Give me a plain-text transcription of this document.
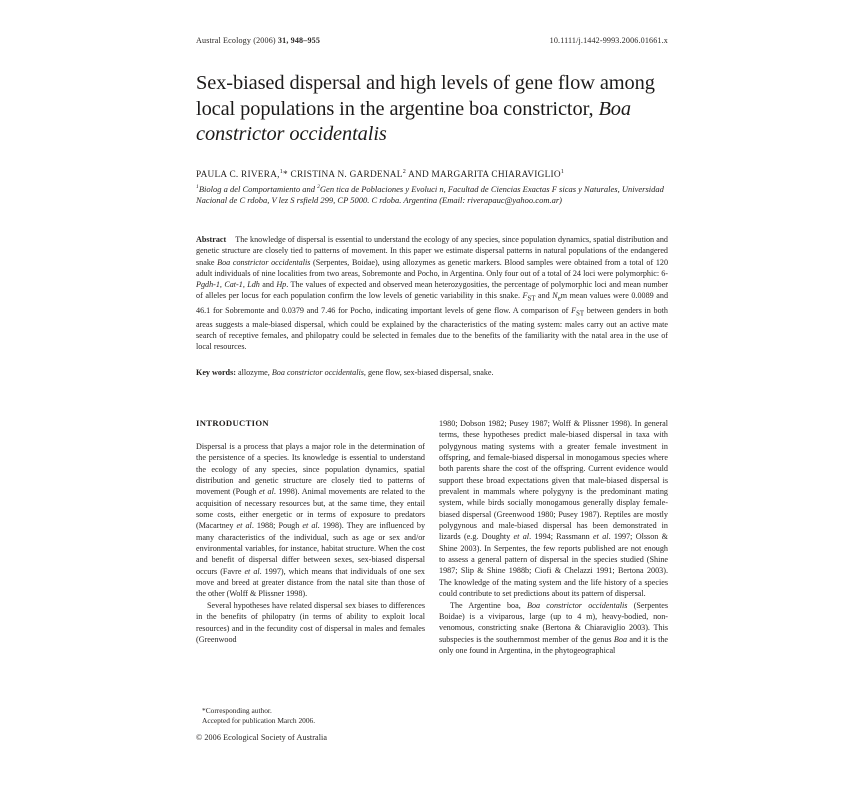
Austral Ecology (2006) 31, 948–955	10.1111/j.1442-9993.2006.01661.x
Sex-biased dispersal and high levels of gene flow among local populations in the argentine boa constrictor, Boa constrictor occidentalis
PAULA C. RIVERA,$^1$* CRISTINA N. GARDENAL$^2$ AND MARGARITA CHIARAVIGLIO$^1$
$^1$Biolog a del Comportamiento and $^2$Gen tica de Poblaciones y Evoluci n, Facultad de Ciencias Exactas F sicas y Naturales, Universidad Nacional de C rdoba, V lez S rsfield 299, CP 5000. C rdoba. Argentina (Email: riverapauc@yahoo.com.ar)
Abstract The knowledge of dispersal is essential to understand the ecology of any species, since population dynamics, spatial distribution and genetic structure are closely tied to patterns of movement. In this paper we estimate dispersal patterns in natural populations of the endangered snake Boa constrictor occidentalis (Serpentes, Boidae), using allozymes as genetic markers. Blood samples were obtained from a total of 120 adult individuals of nine localities from two areas, Sobremonte and Pocho, in Argentina. Only four out of a total of 24 loci were polymorphic: 6-Pgdh-1, Cat-1, Ldh and Hp. The values of expected and observed mean heterozygosities, the percentage of polymorphic loci and mean number of alleles per locus for each population confirm the low levels of genetic variability in this snake. $F_{ST}$ and $N_em$ mean values were 0.0089 and 46.1 for Sobremonte and 0.0379 and 7.46 for Pocho, indicating important levels of gene flow. A comparison of $F_{ST}$ between genders in both areas suggests a male-biased dispersal, which could be explained by the characteristics of the mating system: males carry out an active mate search of receptive females, and philopatry could be selected in females due to the benefits of the familiarity with the natal area in the use of local resources.
Key words: allozyme, Boa constrictor occidentalis, gene flow, sex-biased dispersal, snake.
INTRODUCTION

Dispersal is a process that plays a major role in the determination of the persistence of a species. Its knowledge is essential to understand the ecology of any species, since population dynamics, spatial distribution and genetic structure are closely tied to patterns of movement (Pough et al. 1998). Animal movements are related to the acquisition of necessary resources but, at the same time, they entail some costs, either energetic or in terms of exposure to predators (Macartney et al. 1988; Pough et al. 1998). They are influenced by many characteristics of the individual, such as age or sex and/or environmental variables, for instance, habitat structure. When the cost and benefit of dispersal differ between sexes, sex-biased dispersal occurs (Favre et al. 1997), which means that individuals of one sex move and breed at greater distance from the natal site than those of the other (Wolff & Plissner 1998).

Several hypotheses have related dispersal sex biases to differences in the benefits of philopatry (in terms of ability to exploit local resources) and in the fecundity cost of dispersal in males and females (Greenwood

1980; Dobson 1982; Pusey 1987; Wolff & Plissner 1998). In general terms, these hypotheses predict male-biased dispersal in taxa with polygynous mating systems with a greater female investment in offspring, and female-biased dispersal in monogamous species where both parents share the cost of the offspring. Current evidence would support these broad expectations given that male-biased dispersal is prevalent in mammals where polygyny is the predominant mating system, while birds socially monogamous generally display female-biased dispersal (Greenwood 1980; Pusey 1987). Reptiles are mostly polygynous and male-biased dispersal has been demonstrated in lizards (e.g. Doughty et al. 1994; Rassmann et al. 1997; Olsson & Shine 2003). In Serpentes, the few reports published are not enough to assess a general pattern of dispersal in the species studied (Shine 1987; Slip & Shine 1988b; Ciofi & Chelazzi 1991; Bertona 2003). The knowledge of the mating system and the life history of a species could contribute to set predictions about its pattern of dispersal.

The Argentine boa, Boa constrictor occidentalis (Serpentes Boidae) is a viviparous, large (up to 4 m), heavy-bodied, non-venomous, constricting snake (Bertona & Chiaraviglio 2003). This subspecies is the southernmost member of the genus Boa and it is the only one found in Argentina, in the phytogeographical

*Corresponding author.
Accepted for publication March 2006.
© 2006 Ecological Society of Australia
